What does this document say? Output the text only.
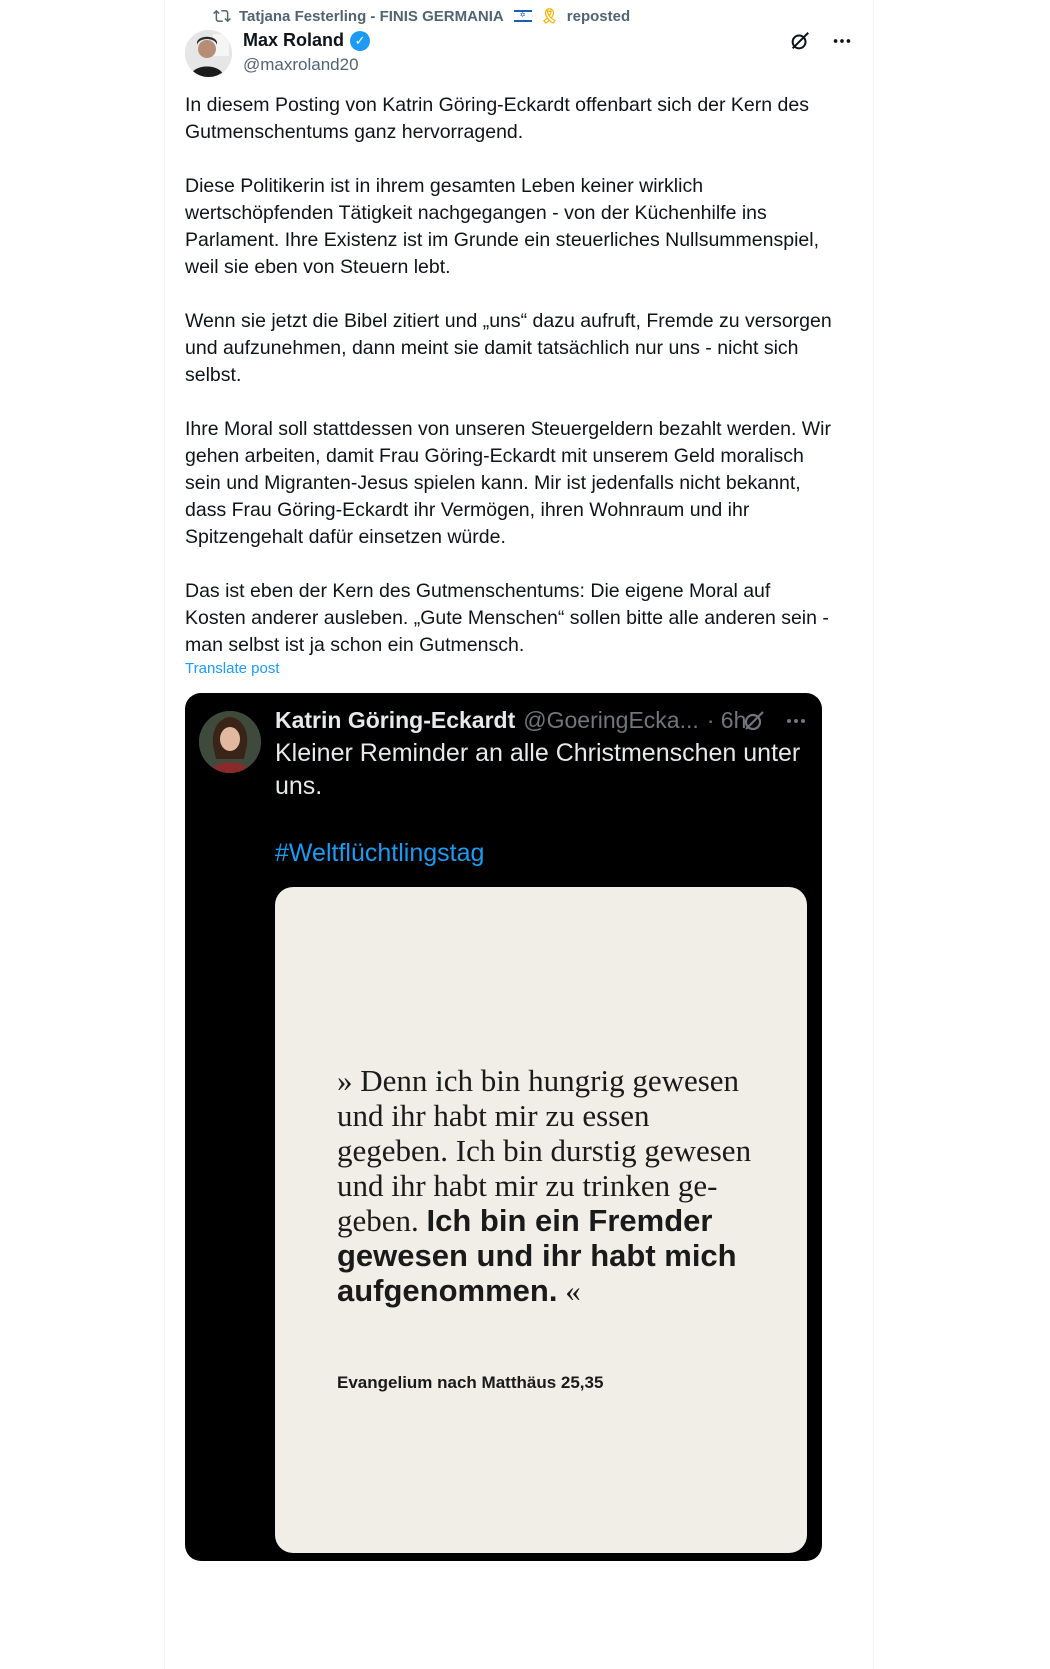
Tatjana Festerling - FINIS GERMANIA ✡ 🎗 reposted
Max Roland ✓
@maxroland20

In diesem Posting von Katrin Göring-Eckardt offenbart sich der Kern des Gutmenschentums ganz hervorragend.

Diese Politikerin ist in ihrem gesamten Leben keiner wirklich wertschöpfenden Tätigkeit nachgegangen - von der Küchenhilfe ins Parlament. Ihre Existenz ist im Grunde ein steuerliches Nullsummenspiel, weil sie eben von Steuern lebt.

Wenn sie jetzt die Bibel zitiert und „uns“ dazu aufruft, Fremde zu versorgen und aufzunehmen, dann meint sie damit tatsächlich nur uns - nicht sich selbst.

Ihre Moral soll stattdessen von unseren Steuergeldern bezahlt werden. Wir gehen arbeiten, damit Frau Göring-Eckardt mit unserem Geld moralisch sein und Migranten-Jesus spielen kann. Mir ist jedenfalls nicht bekannt, dass Frau Göring-Eckardt ihr Vermögen, ihren Wohnraum und ihr Spitzengehalt dafür einsetzen würde.

Das ist eben der Kern des Gutmenschentums: Die eigene Moral auf Kosten anderer ausleben. „Gute Menschen“ sollen bitte alle anderen sein - man selbst ist ja schon ein Gutmensch.

Translate post
Katrin Göring-Eckardt @GoeringEcka... · 6h
Kleiner Reminder an alle Christmenschen unter uns.
#Weltflüchtlingstag
» Denn ich bin hungrig gewesen und ihr habt mir zu essen gegeben. Ich bin durstig gewesen und ihr habt mir zu trinken ge-geben. Ich bin ein Fremder gewesen und ihr habt mich aufgenommen. «
Evangelium nach Matthäus 25,35
